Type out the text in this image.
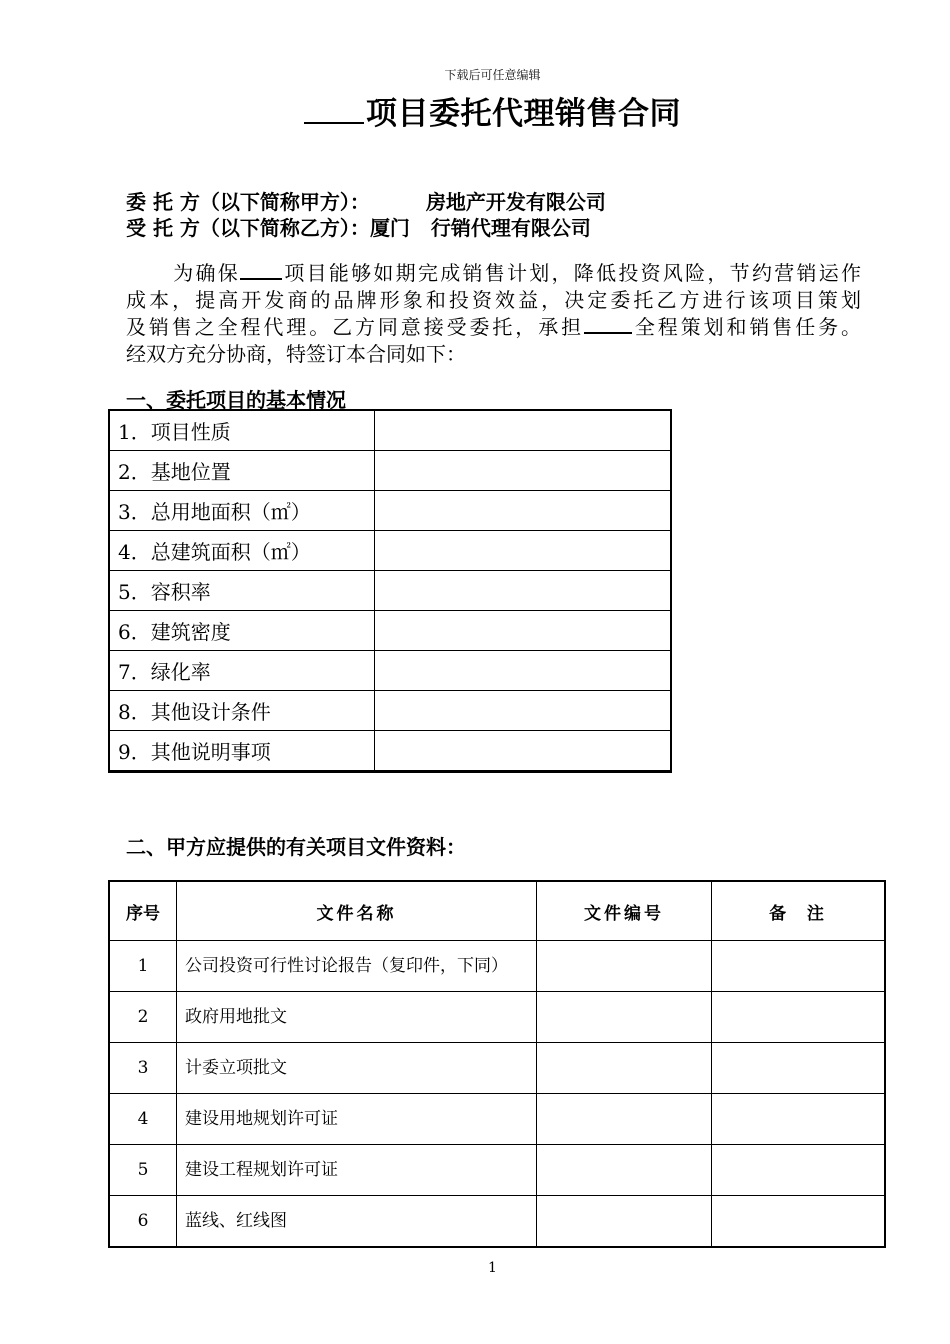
下载后可任意编辑
项目委托代理销售合同
委 托 方（以下简称甲方）：	房地产开发有限公司
受 托 方（以下简称乙方）：厦门   行销代理有限公司
为确保 项目能够如期完成销售计划，降低投资风险，节约营销运作
成本，提高开发商的品牌形象和投资效益，决定委托乙方进行该项目策划
及销售之全程代理。乙方同意接受委托，承担 全程策划和销售任务。
经双方充分协商，特签订本合同如下：
一、委托项目的基本情况
1．项目性质	
2．基地位置	
3．总用地面积（㎡）	
4．总建筑面积（㎡）	
5．容积率	
6．建筑密度	
7．绿化率	
8．其他设计条件	
9．其他说明事项	
二、甲方应提供的有关项目文件资料：
序号	文件名称	文件编号	备  注
1	公司投资可行性讨论报告（复印件，下同）		
2	政府用地批文		
3	计委立项批文		
4	建设用地规划许可证		
5	建设工程规划许可证		
6	蓝线、红线图		
1
